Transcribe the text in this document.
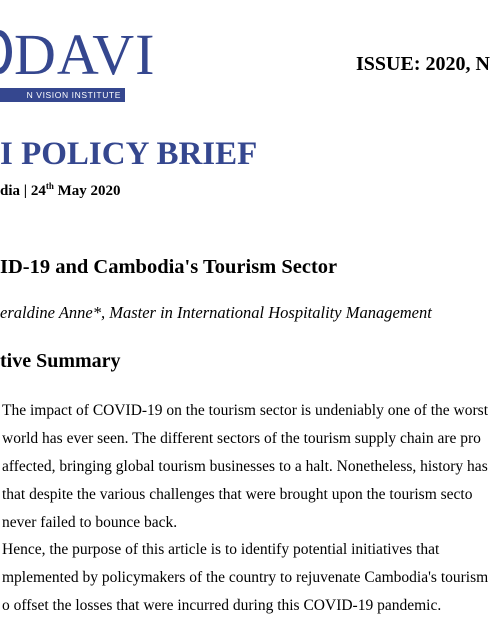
DAVI
N VISION INSTITUTE
ISSUE: 2020, N
I POLICY BRIEF
dia | 24th May 2020
ID-19 and Cambodia's Tourism Sector
eraldine Anne*, Master in International Hospitality Management
tive Summary
The impact of COVID-19 on the tourism sector is undeniably one of the worst
world has ever seen. The different sectors of the tourism supply chain are pro
affected, bringing global tourism businesses to a halt. Nonetheless, history has
that despite the various challenges that were brought upon the tourism secto
never failed to bounce back.
Hence, the purpose of this article is to identify potential initiatives that
mplemented by policymakers of the country to rejuvenate Cambodia's tourism
o offset the losses that were incurred during this COVID-19 pandemic.
